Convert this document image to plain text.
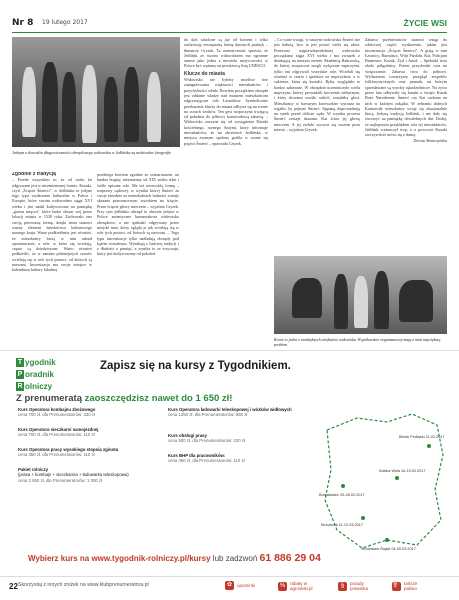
Nr 8 19 lutego 2017	ŻYCIE WSI
Jednym z dowodów długowieczności obrzędowego widowiska w Jedlińsku są archiwalne fotografie

Zgodnie z tradycją

– Przede wszystkim to, że od wielu lat odgrywane jest w niezmienionej formie. Kusaki, czyli „Ścięcie Śmierci", w Jedlińsku to jedyne tego typu wydarzenie kulturalne w Polsce i Europie, które swoim rodowodem sięga XVI wieku i jest nadal kultywowane na pamiątkę „grzesa mięcza", które bzdzi obszar wej przez lokacji miasta w 1530 roku. Zachowało ono swoją pierwotną formę, dzięki temu stanowi wazny element dziedzictwa kulturowego naszego kraju. Warte podkreślenia jest również, że mieszkańcy biorą w nim udział spontanicznie, a role, w które się wcielają, często są dziedziczone. Warto również podkreślić, że w zamian późniejszych czasów wcielają się w role tych postaci, od których są nazwani. Inscenizacja ma swoje miejsce w kalendarzu kultury lokalnej.

przebiega bowiem zgodnie ze scenariuszem, na bardzo bogaty, niezmienny od XIX wieku tekst i ściśle opisane role. Ma też niezwykłą formę – rozprawy sądowej, w wyniku której Śmierć za swoje zbrodnie na mieszkańcach ludności zostaje skazana prawomocnym wyrokiem na ścięcie. Przez ścięcie głowy mieczem – wyjaśnia Gryzek. Przy tym jedlińsko obrzęd to obecnie jedyne w Polsce autentyczne kurnawałowe widowisko obrzędowe, a nie spektakl odgrywany przez miejski teatr, który ogląda je jak wcielają się w role tych postaci, od których są nazwani. – Tego typu inscenizacje tylko naśladują obrzędy pod kątem wizualnym. Wynikają z ludowej tradycji i z dbałości o pamięć, a wynika to ze zwyczaju, który jest kultywowany od pokoleń.

do dziś szkolone są już od korzeni i tylko zachowują zewnętrzną formę dawnych praktyk – tłumaczy Gryzek. Ta autentyczność sprawia, że Jedlińsk ze swoim widowiskiem ma ogromne szanse jako jedna z niewielu miejscowości w Polsce być wpisany na prestiżową listę UNESCO.

Klucze do miasta

Widowisko nie byłoby możliwe bez zaangażowania większości mieszkańców i przychylności władz. Bowiem początkiem obrzędu jest oddanie władzy nad miastem mieszkańcom odgrywającym role Ławników. Symbolicznie przekazanie kluczy do miasta odbywa się na scenie na oczach widzów. Ten gest rozpoczyna trwającą od południa do północy karnawałową zabawę. – Widowisko zaczyna się od wystąpienia Dziada kościelnego, roznego Antymi, który informuje mieszkańców, że na obrzeżach Jedlińska, w miejscu zwanym spalona grobla w rosnie się pojawi Śmierć – opowiada Gryzek.

– Co warte uwagi, w naszym widowisku Śmierć nie jest kałużą, lecz ta jest postać wiela się aktor. Ponieważ najprawdopodobniej widowisko początkami sięga XVI wieku i ma związek z działającą na naszym terenie Akademią Rakowską, do której uczęszczać mogli wyłącznie mężczyźni, tylko oni odgrywali wszystkie role. Wcielali się również w czarto i spódnice na mężczyźnie, a w sukience, która się kształci. Ryba, wyglądało to bardzo zabawnie. W obrzędzie uczestniczyło wielu mężczyzn, którzy prowadzili kroczenie niebytnym, i który słowami woziło radość, zostałeby głosi. Mieszkańcy w barwnym korowodzie wyrusza na rogatki, by pojmać Śmierć. Spętaną doprowadzają na rynek przed oblicze sądu. W wyniku procesu Śmierć zostaje skazana. Kat ścina jej głowę mieczem. A jej zwłoki wywozi się wozem poza miasto – wyjaśnia Gryzek.

Zabawa przebierańców stanowi wstęp do właściwej części wydarzenia, jakim jest inscenizacja „Ścięcie Śmierci". A grają w nim Ławnicy, Burmistrz, Wójt Pardoła, Kat, Policjant Burmistrz, Kozak, Żyd i Anioł. – Spektakl trwa około półgodziny. Potem przychodzi czas na świętowanie. Zabawa trwa do północy. Wydarzeniu towarzyszy przegląd zespołów folklorystycznych oraz jarmark, na którym sprzedawane są wyroby rękodzielnicze. Na żywo przez lata odbywały się kusaki a święto Kusak Boże Narodzenie, Śmierć czy Kat czekano na nich w każdym zakątku. W zebraniu dolnych Karnawały mieszkańcy wciąż się okazjonalnie biorą. Jedyną tradycją Jedlińsk, i nie dały się stworzyć na pamiątkę chwalebnych dni. Dodaj, że najlepszym przykładem rola tej mieszkańców. Jedlińsk wyznaczył trop, a o powrocie Kusaki rzeczywiście mówi się z dumą.

Dorota Słomczyńska

Konie to jeden z niezbędnych atrybutów widowiska. Współcześnie organizatorzy mają z nimi największy problem
T ygodnik
P oradnik
R olniczy
Zapisz się na kursy z Tygodnikiem.
Z prenumeratą zaoszczędzisz nawet do 1 650 zł!
Kurs Operatora kombajnu zbożowego
cena 700 zł, dla Prenumeratorów: 330 zł
Kurs Operatora sieczkarni samojezdnej
cena 700 zł, dla Prenumeratorów: 110 zł
Kurs Operatora pracy wysokiego stopnia zginotu
cena 350 zł, dla Prenumeratorów: 110 zł
Pakiet rolniczy
(prasa + kombajn + sieczkarnia + ładowarka teleskopowa)
cena 2 650 zł, dla Prenumeratorów: 1 000 zł
Kurs Operatora ładowarki teleskopowej i wózków widłowych
cena 1250 zł, dla Prenumeratorów: 550 zł
Kurs obsługi prasy
cena 500 zł, dla Prenumeratorów: 220 zł
Kurs BHP dla pracowników:
cena 450 zł, dla Prenumeratorów: 110 zł
Bielsk Podlaski 21.02.2017
Kalska Wola 16-19.02.2017
Bolesławiec 25-26.02.2017
Kluczbork 11-12.03.2017
Wodzisław Śląski 04-05.03.2017
Wybierz kurs na www.tygodnik-rolniczy.pl/kursy lub zadzwoń 61 886 29 04
Skorzystaj z innych zniżek na www.klubprenumeratora.pl	✿	upominki	%	rabaty w agroskiki.pl	§	porady prawnika	⛽ tańsze paliwo
22
